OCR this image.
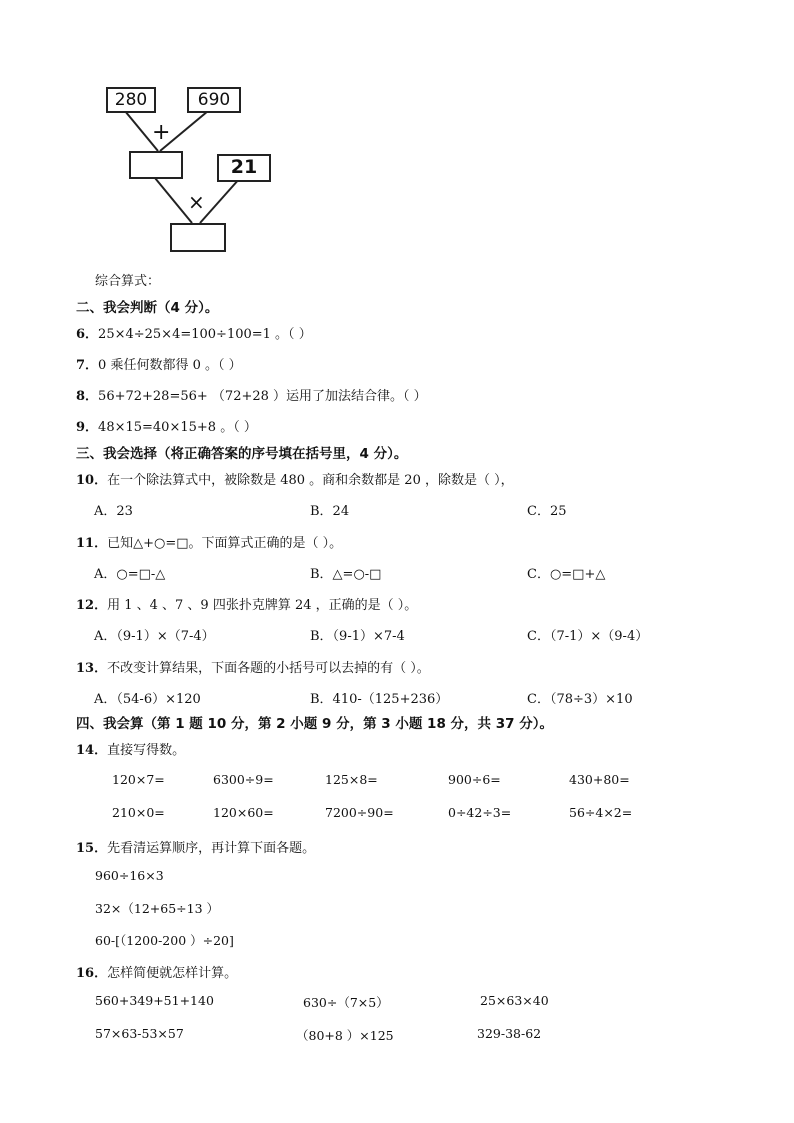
280	690
+
21
×
综合算式：
二、我会判断（4 分）。
6．25×4÷25×4=100÷100=1 。（ ）
7．0 乘任何数都得 0 。（ ）
8．56+72+28=56+ （72+28 ）运用了加法结合律。（ ）
9．48×15=40×15+8 。（ ）
三、我会选择（将正确答案的序号填在括号里，4 分）。
10．在一个除法算式中，被除数是 480 。商和余数都是 20 ，除数是（ ），
A．23	B．24	C．25
11．已知△+○=□。下面算式正确的是（ ）。
A．○=□-△	B．△=○-□	C．○=□+△
12．用 1 、4 、7 、9 四张扑克牌算 24 ，正确的是（ ）。
A．（9-1）×（7-4）	B．（9-1）×7-4	C．（7-1）×（9-4）
13．不改变计算结果，下面各题的小括号可以去掉的有（ ）。
A．（54-6）×120	B．410-（125+236）	C．（78÷3）×10
四、我会算（第 1 题 10 分，第 2 小题 9 分，第 3 小题 18 分，共 37 分）。
14．直接写得数。
120×7=	6300÷9=	125×8=	900÷6=	430+80=
210×0=	120×60=	7200÷90=	0÷42÷3=	56÷4×2=
15．先看清运算顺序，再计算下面各题。
960÷16×3
32×（12+65÷13 ）
60-[（1200-200 ）÷20]
16．怎样简便就怎样计算。
560+349+51+140	630÷（7×5）	25×63×40
57×63-53×57	（80+8 ）×125	329-38-62
